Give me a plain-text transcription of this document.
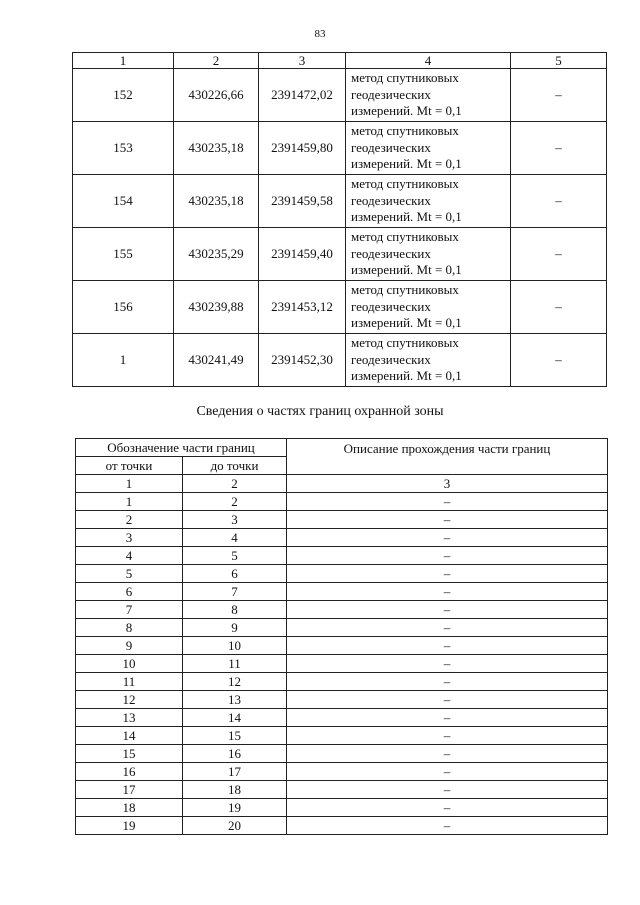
83
1	2	3	4	5
152	430226,66	2391472,02	метод спутниковых
геодезических
измерений. Mt = 0,1	–
153	430235,18	2391459,80	метод спутниковых
геодезических
измерений. Mt = 0,1	–
154	430235,18	2391459,58	метод спутниковых
геодезических
измерений. Mt = 0,1	–
155	430235,29	2391459,40	метод спутниковых
геодезических
измерений. Mt = 0,1	–
156	430239,88	2391453,12	метод спутниковых
геодезических
измерений. Mt = 0,1	–
1	430241,49	2391452,30	метод спутниковых
геодезических
измерений. Mt = 0,1	–
Сведения о частях границ охранной зоны
Обозначение части границ		Описание прохождения части границ
от точки	до точки	
1	2	3
1	2	–
2	3	–
3	4	–
4	5	–
5	6	–
6	7	–
7	8	–
8	9	–
9	10	–
10	11	–
11	12	–
12	13	–
13	14	–
14	15	–
15	16	–
16	17	–
17	18	–
18	19	–
19	20	–
